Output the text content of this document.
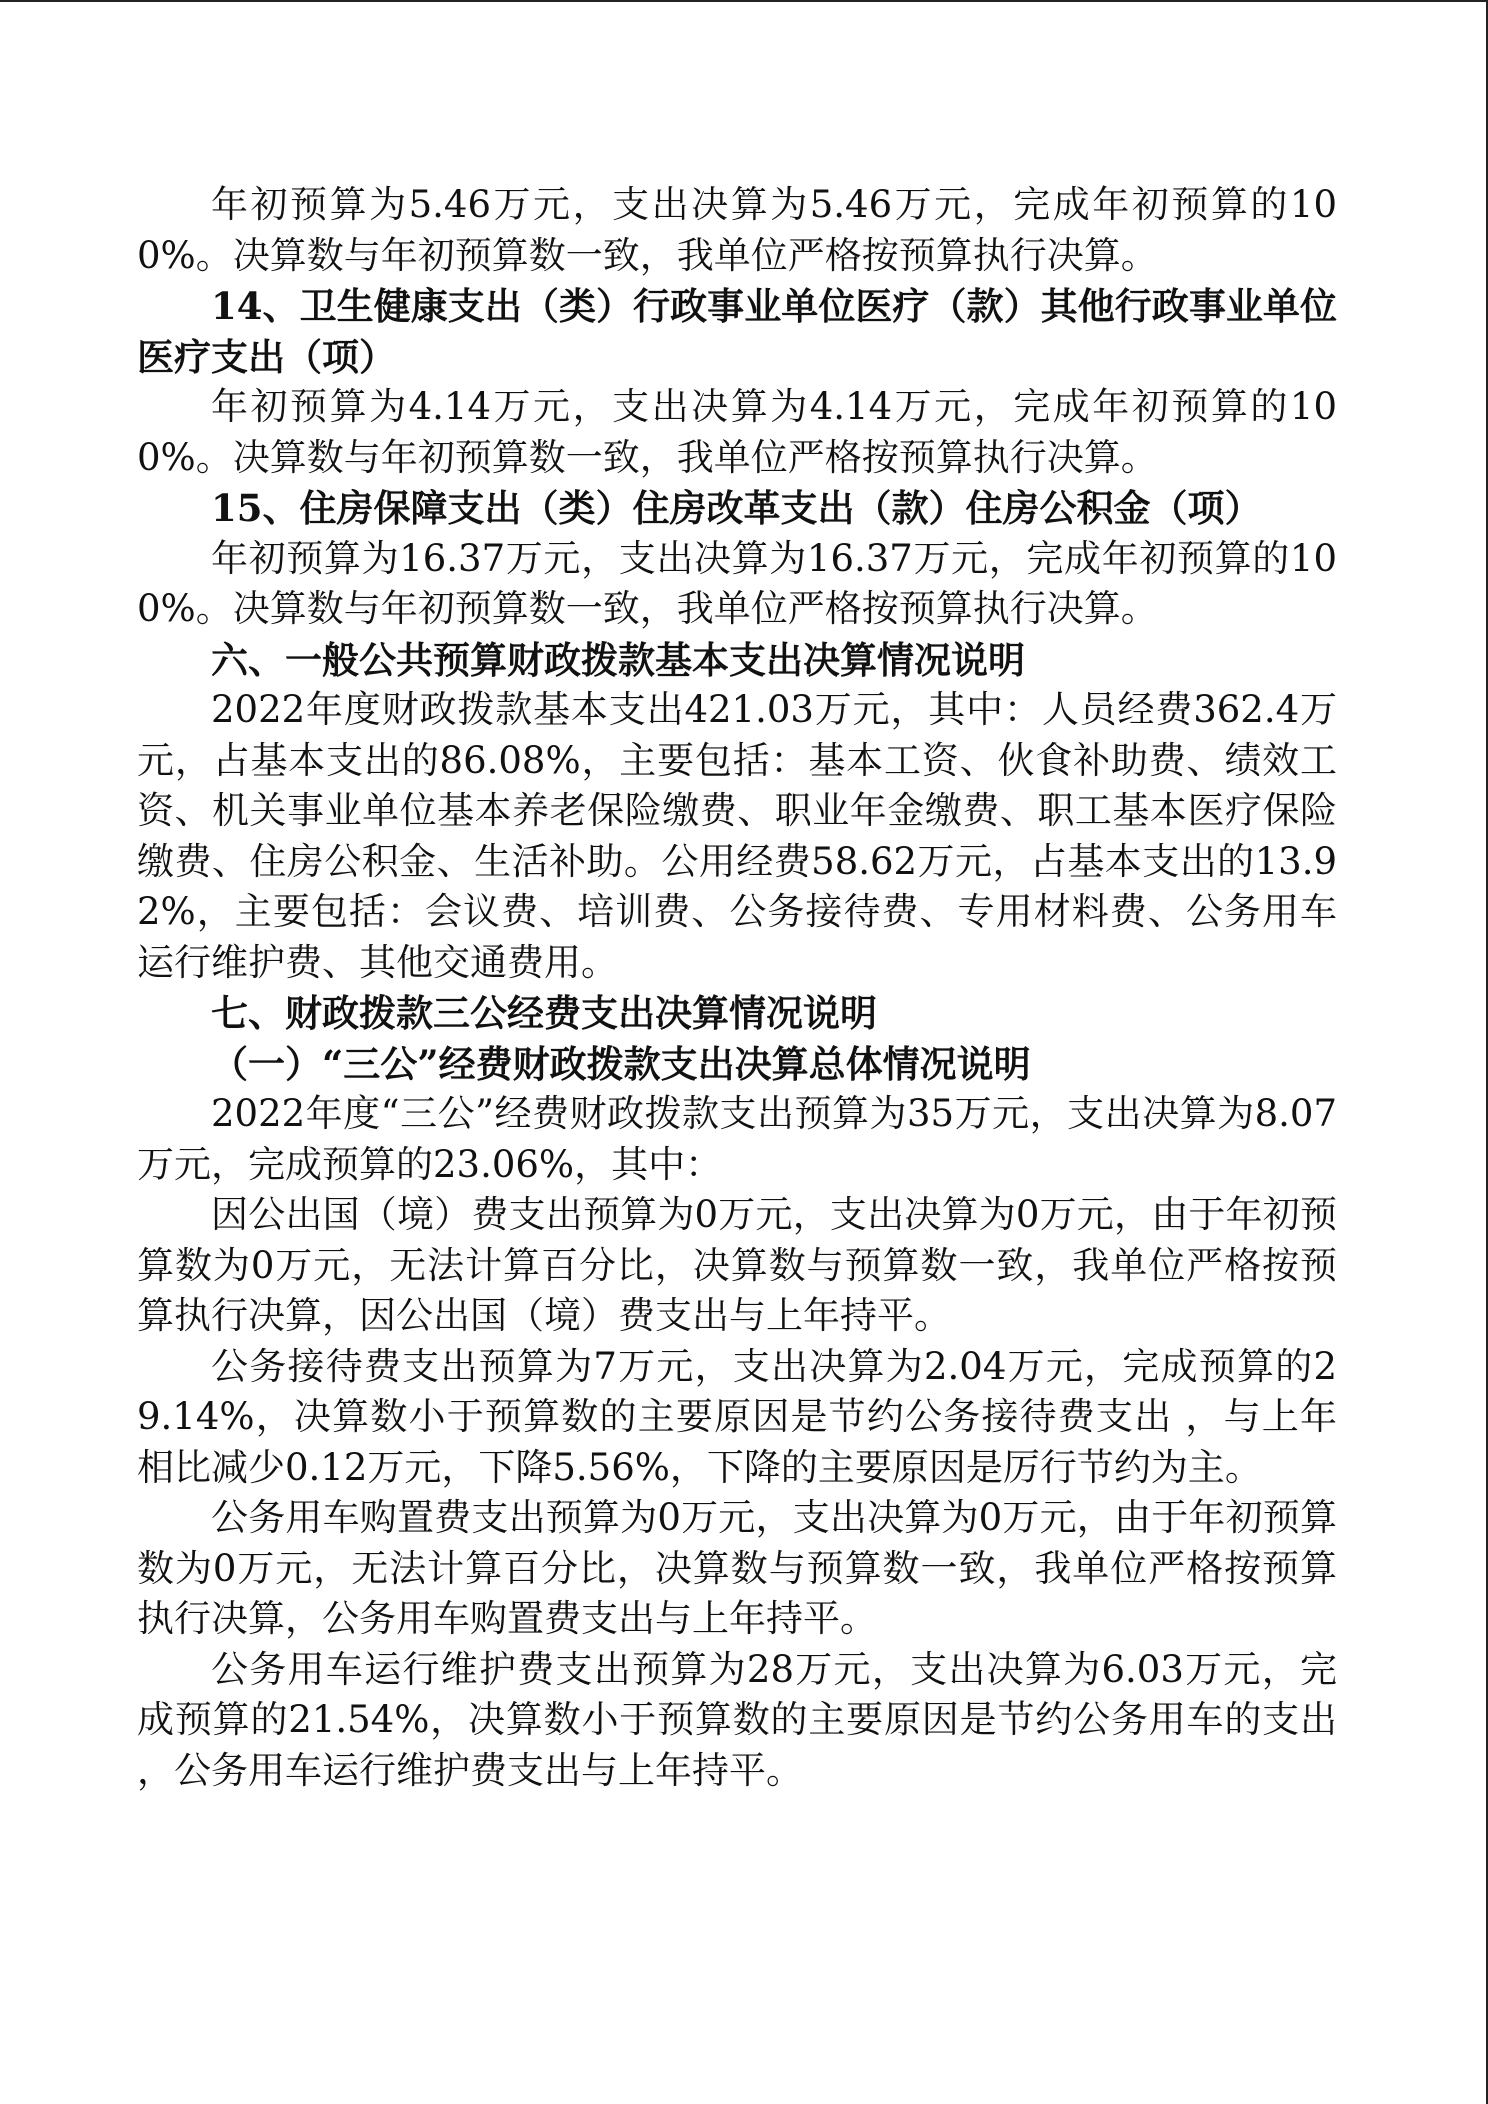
年初预算为5.46万元，支出决算为5.46万元，完成年初预算的100%。决算数与年初预算数一致，我单位严格按预算执行决算。

14、卫生健康支出（类）行政事业单位医疗（款）其他行政事业单位医疗支出（项）

年初预算为4.14万元，支出决算为4.14万元，完成年初预算的100%。决算数与年初预算数一致，我单位严格按预算执行决算。

15、住房保障支出（类）住房改革支出（款）住房公积金（项）

年初预算为16.37万元，支出决算为16.37万元，完成年初预算的100%。决算数与年初预算数一致，我单位严格按预算执行决算。

六、一般公共预算财政拨款基本支出决算情况说明

2022年度财政拨款基本支出421.03万元，其中：人员经费362.4万元，占基本支出的86.08%，主要包括：基本工资、伙食补助费、绩效工资、机关事业单位基本养老保险缴费、职业年金缴费、职工基本医疗保险缴费、住房公积金、生活补助。公用经费58.62万元，占基本支出的13.92%，主要包括：会议费、培训费、公务接待费、专用材料费、公务用车运行维护费、其他交通费用。

七、财政拨款三公经费支出决算情况说明

（一）“三公”经费财政拨款支出决算总体情况说明

2022年度“三公”经费财政拨款支出预算为35万元，支出决算为8.07万元，完成预算的23.06%，其中：

因公出国（境）费支出预算为0万元，支出决算为0万元，由于年初预算数为0万元，无法计算百分比，决算数与预算数一致，我单位严格按预算执行决算，因公出国（境）费支出与上年持平。

公务接待费支出预算为7万元，支出决算为2.04万元，完成预算的29.14%，决算数小于预算数的主要原因是节约公务接待费支出 ，与上年相比减少0.12万元，下降5.56%，下降的主要原因是厉行节约为主。

公务用车购置费支出预算为0万元，支出决算为0万元，由于年初预算数为0万元，无法计算百分比，决算数与预算数一致，我单位严格按预算执行决算，公务用车购置费支出与上年持平。

公务用车运行维护费支出预算为28万元，支出决算为6.03万元，完成预算的21.54%，决算数小于预算数的主要原因是节约公务用车的支出 ，公务用车运行维护费支出与上年持平。
